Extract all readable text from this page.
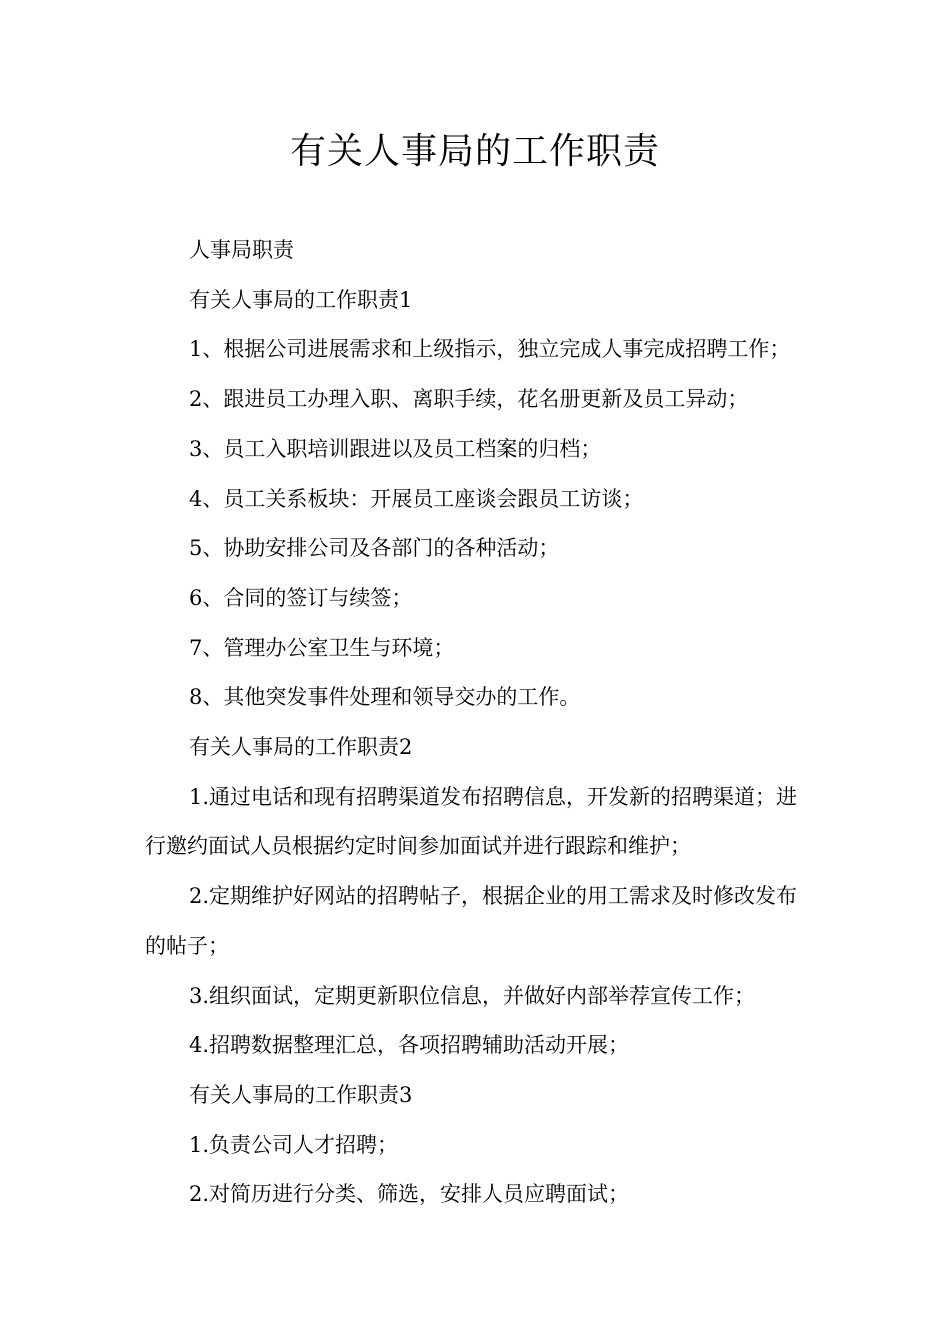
有关人事局的工作职责

人事局职责

有关人事局的工作职责1

1、根据公司进展需求和上级指示，独立完成人事完成招聘工作；

2、跟进员工办理入职、离职手续，花名册更新及员工异动；

3、员工入职培训跟进以及员工档案的归档；

4、员工关系板块：开展员工座谈会跟员工访谈；

5、协助安排公司及各部门的各种活动；

6、合同的签订与续签；

7、管理办公室卫生与环境；

8、其他突发事件处理和领导交办的工作。

有关人事局的工作职责2

1.通过电话和现有招聘渠道发布招聘信息，开发新的招聘渠道；进行邀约面试人员根据约定时间参加面试并进行跟踪和维护；

2.定期维护好网站的招聘帖子，根据企业的用工需求及时修改发布的帖子；

3.组织面试，定期更新职位信息，并做好内部举荐宣传工作；

4.招聘数据整理汇总，各项招聘辅助活动开展；

有关人事局的工作职责3

1.负责公司人才招聘；

2.对简历进行分类、筛选，安排人员应聘面试；
